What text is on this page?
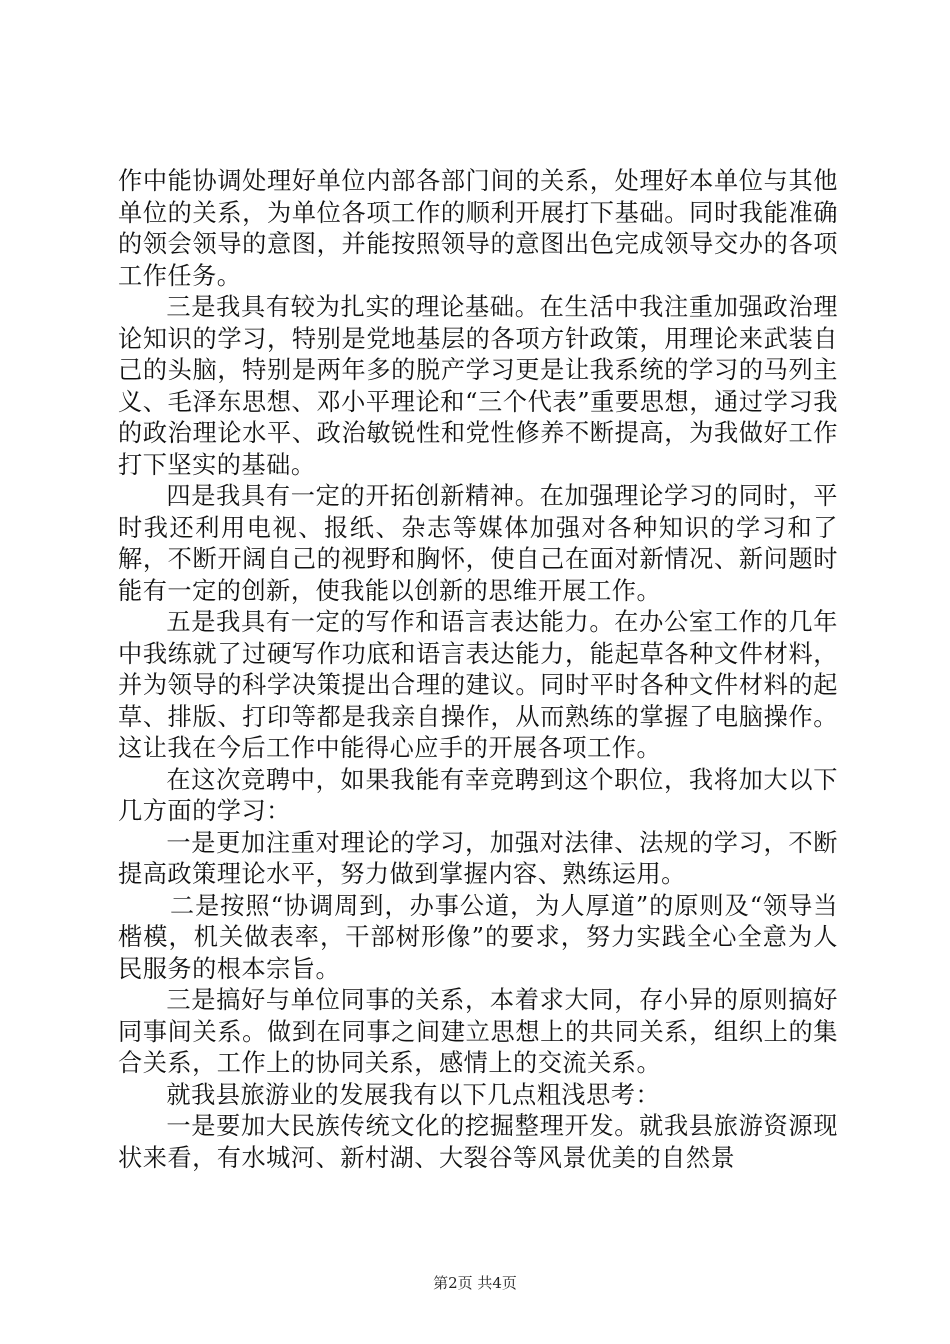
作中能协调处理好单位内部各部门间的关系，处理好本单位与其他单位的关系，为单位各项工作的顺利开展打下基础。同时我能准确的领会领导的意图，并能按照领导的意图出色完成领导交办的各项工作任务。

三是我具有较为扎实的理论基础。在生活中我注重加强政治理论知识的学习，特别是党地基层的各项方针政策，用理论来武装自己的头脑，特别是两年多的脱产学习更是让我系统的学习的马列主义、毛泽东思想、邓小平理论和“三个代表”重要思想，通过学习我的政治理论水平、政治敏锐性和党性修养不断提高，为我做好工作打下坚实的基础。

四是我具有一定的开拓创新精神。在加强理论学习的同时，平时我还利用电视、报纸、杂志等媒体加强对各种知识的学习和了解，不断开阔自己的视野和胸怀，使自己在面对新情况、新问题时能有一定的创新，使我能以创新的思维开展工作。

五是我具有一定的写作和语言表达能力。在办公室工作的几年中我练就了过硬写作功底和语言表达能力，能起草各种文件材料，并为领导的科学决策提出合理的建议。同时平时各种文件材料的起草、排版、打印等都是我亲自操作，从而熟练的掌握了电脑操作。这让我在今后工作中能得心应手的开展各项工作。

在这次竞聘中，如果我能有幸竞聘到这个职位，我将加大以下几方面的学习：

一是更加注重对理论的学习，加强对法律、法规的学习，不断提高政策理论水平，努力做到掌握内容、熟练运用。

二是按照“协调周到，办事公道，为人厚道”的原则及“领导当楷模，机关做表率，干部树形像”的要求，努力实践全心全意为人民服务的根本宗旨。

三是搞好与单位同事的关系，本着求大同，存小异的原则搞好同事间关系。做到在同事之间建立思想上的共同关系，组织上的集合关系，工作上的协同关系，感情上的交流关系。

就我县旅游业的发展我有以下几点粗浅思考：

一是要加大民族传统文化的挖掘整理开发。就我县旅游资源现状来看，有水城河、新村湖、大裂谷等风景优美的自然景

第2页 共4页
